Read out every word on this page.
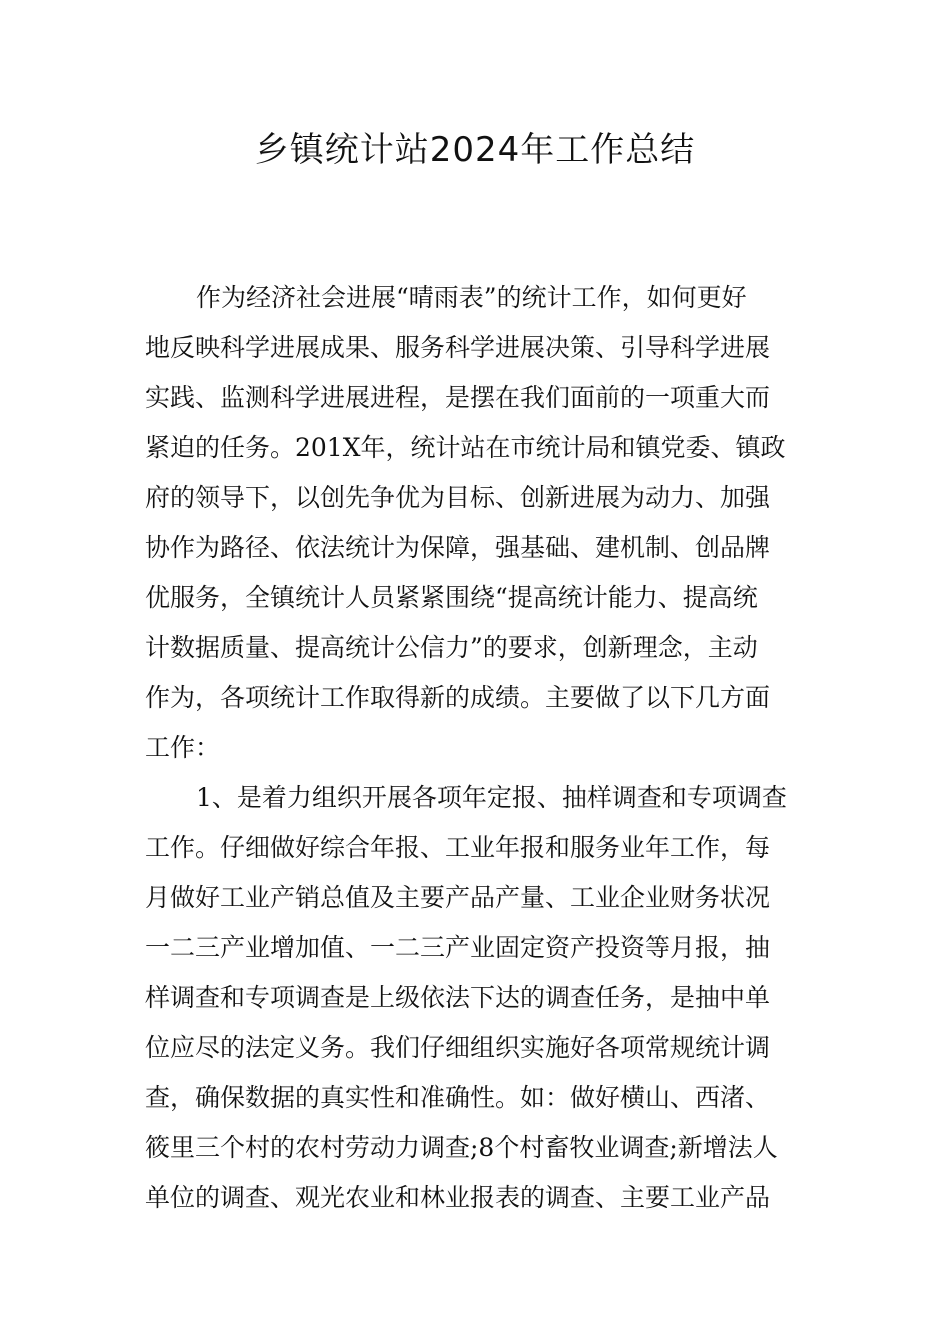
乡镇统计站2024年工作总结
作为经济社会进展“晴雨表”的统计工作，如何更好
地反映科学进展成果、服务科学进展决策、引导科学进展
实践、监测科学进展进程，是摆在我们面前的一项重大而
紧迫的任务。201X年，统计站在市统计局和镇党委、镇政
府的领导下，以创先争优为目标、创新进展为动力、加强
协作为路径、依法统计为保障，强基础、建机制、创品牌
优服务，全镇统计人员紧紧围绕“提高统计能力、提高统
计数据质量、提高统计公信力”的要求，创新理念，主动
作为，各项统计工作取得新的成绩。主要做了以下几方面
工作：
1、是着力组织开展各项年定报、抽样调查和专项调查
工作。仔细做好综合年报、工业年报和服务业年工作，每
月做好工业产销总值及主要产品产量、工业企业财务状况
一二三产业增加值、一二三产业固定资产投资等月报，抽
样调查和专项调查是上级依法下达的调查任务，是抽中单
位应尽的法定义务。我们仔细组织实施好各项常规统计调
查，确保数据的真实性和准确性。如：做好横山、西渚、
筱里三个村的农村劳动力调查;8个村畜牧业调查;新增法人
单位的调查、观光农业和林业报表的调查、主要工业产品
